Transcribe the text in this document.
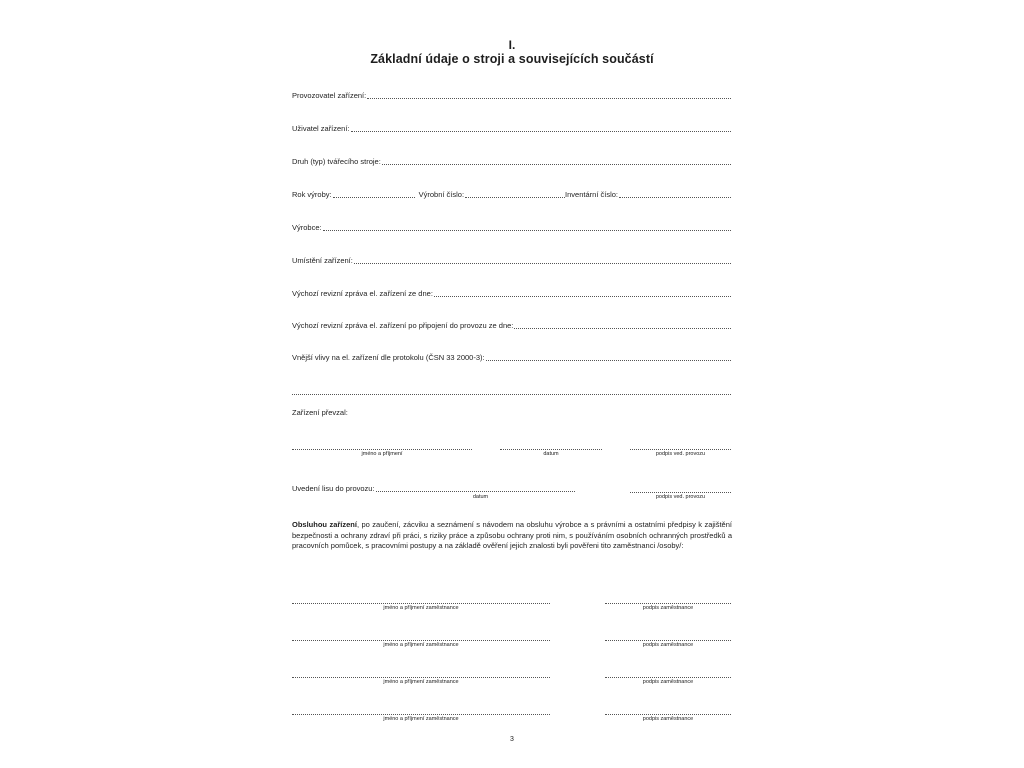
I.
Základní údaje o stroji a souvisejících součástí
Provozovatel zařízení:
Uživatel zařízení:
Druh (typ) tvářecího stroje:
Rok výroby:	Výrobní číslo:	Inventární číslo:
Výrobce:
Umístění zařízení:
Výchozí revizní zpráva el. zařízení ze dne:
Výchozí revizní zpráva el. zařízení po připojení do provozu ze dne:
Vnější vlivy na el. zařízení dle protokolu (ČSN 33 2000-3):
Zařízení převzal:
jméno a příjmení	datum	podpis ved. provozu
Uvedení lisu do provozu:
datum	podpis ved. provozu
Obsluhou zařízení, po zaučení, zácviku a seznámení s návodem na obsluhu výrobce a s právními a ostatními předpisy k zajištění bezpečnosti a ochrany zdraví při práci, s riziky práce a způsobu ochrany proti nim, s používáním osobních ochranných prostředků a pracovních pomůcek, s pracovními postupy a na základě ověření jejich znalosti byli pověřeni tito zaměstnanci /osoby/:
jméno a příjmení zaměstnance	podpis zaměstnance
jméno a příjmení zaměstnance	podpis zaměstnance
jméno a příjmení zaměstnance	podpis zaměstnance
jméno a příjmení zaměstnance	podpis zaměstnance
3
